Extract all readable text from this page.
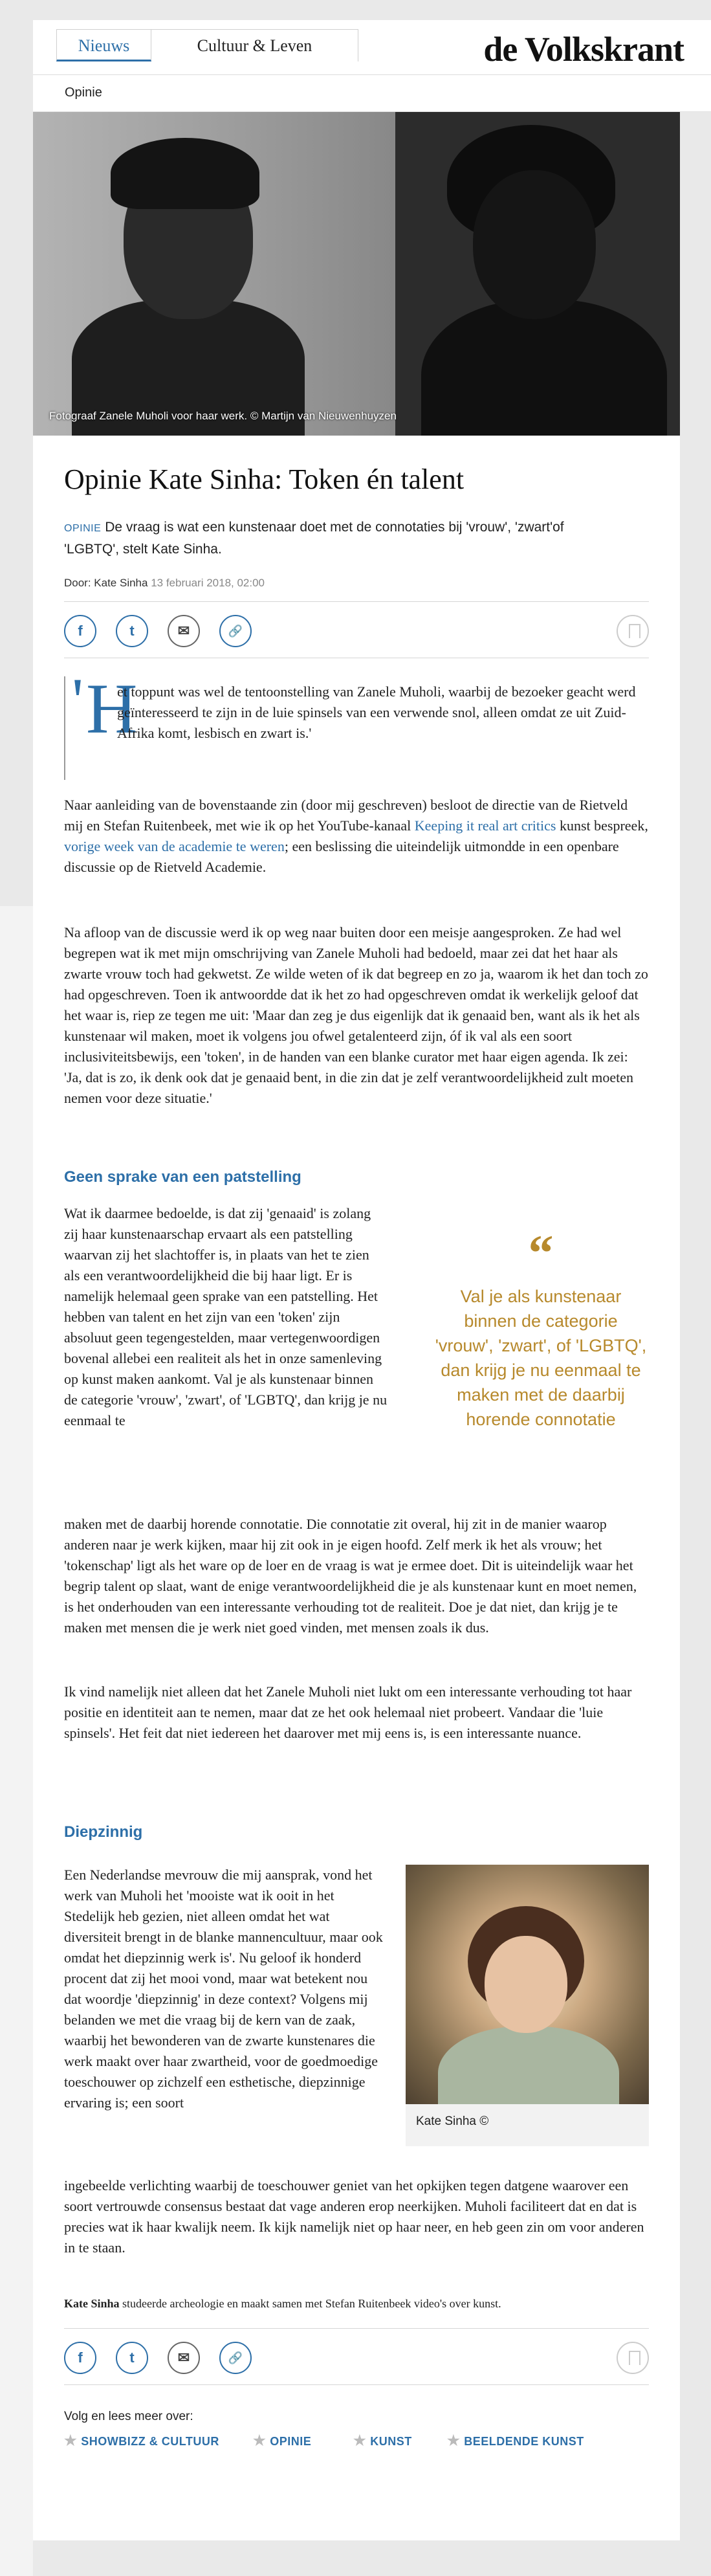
Nieuws	Cultuur & Leven	de Volkskrant
Opinie
Fotograaf Zanele Muholi voor haar werk. © Martijn van Nieuwenhuyzen
Opinie Kate Sinha: Token én talent
OPINIE De vraag is wat een kunstenaar doet met de connotaties bij 'vrouw', 'zwart'of 'LGBTQ', stelt Kate Sinha.
Door: Kate Sinha 13 februari 2018, 02:00
f	t	✉	🔗
' H
et toppunt was wel de tentoonstelling van Zanele Muholi, waarbij de bezoeker geacht werd geïnteresseerd te zijn in de luie spinsels van een verwende snol, alleen omdat ze uit Zuid-Afrika komt, lesbisch en zwart is.'
Naar aanleiding van de bovenstaande zin (door mij geschreven) besloot de directie van de Rietveld mij en Stefan Ruitenbeek, met wie ik op het YouTube-kanaal Keeping it real art critics kunst bespreek, vorige week van de academie te weren; een beslissing die uiteindelijk uitmondde in een openbare discussie op de Rietveld Academie.
Na afloop van de discussie werd ik op weg naar buiten door een meisje aangesproken. Ze had wel begrepen wat ik met mijn omschrijving van Zanele Muholi had bedoeld, maar zei dat het haar als zwarte vrouw toch had gekwetst. Ze wilde weten of ik dat begreep en zo ja, waarom ik het dan toch zo had opgeschreven. Toen ik antwoordde dat ik het zo had opgeschreven omdat ik werkelijk geloof dat het waar is, riep ze tegen me uit: 'Maar dan zeg je dus eigenlijk dat ik genaaid ben, want als ik het als kunstenaar wil maken, moet ik volgens jou ofwel getalenteerd zijn, óf ik val als een soort inclusiviteitsbewijs, een 'token', in de handen van een blanke curator met haar eigen agenda. Ik zei: 'Ja, dat is zo, ik denk ook dat je genaaid bent, in die zin dat je zelf verantwoordelijkheid zult moeten nemen voor deze situatie.'
Geen sprake van een patstelling
Wat ik daarmee bedoelde, is dat zij 'genaaid' is zolang zij haar kunstenaarschap ervaart als een patstelling waarvan zij het slachtoffer is, in plaats van het te zien als een verantwoordelijkheid die bij haar ligt. Er is namelijk helemaal geen sprake van een patstelling. Het hebben van talent en het zijn van een 'token' zijn absoluut geen tegengestelden, maar vertegenwoordigen bovenal allebei een realiteit als het in onze samenleving op kunst maken aankomt. Val je als kunstenaar binnen de categorie 'vrouw', 'zwart', of 'LGBTQ', dan krijg je nu eenmaal te
maken met de daarbij horende connotatie. Die connotatie zit overal, hij zit in de manier waarop anderen naar je werk kijken, maar hij zit ook in je eigen hoofd. Zelf merk ik het als vrouw; het 'tokenschap' ligt als het ware op de loer en de vraag is wat je ermee doet. Dit is uiteindelijk waar het begrip talent op slaat, want de enige verantwoordelijkheid die je als kunstenaar kunt en moet nemen, is het onderhouden van een interessante verhouding tot de realiteit. Doe je dat niet, dan krijg je te maken met mensen die je werk niet goed vinden, met mensen zoals ik dus.
“
Val je als kunstenaar binnen de categorie 'vrouw', 'zwart', of 'LGBTQ', dan krijg je nu eenmaal te maken met de daarbij horende connotatie
Ik vind namelijk niet alleen dat het Zanele Muholi niet lukt om een interessante verhouding tot haar positie en identiteit aan te nemen, maar dat ze het ook helemaal niet probeert. Vandaar die 'luie spinsels'. Het feit dat niet iedereen het daarover met mij eens is, is een interessante nuance.
Diepzinnig
Een Nederlandse mevrouw die mij aansprak, vond het werk van Muholi het 'mooiste wat ik ooit in het Stedelijk heb gezien, niet alleen omdat het wat diversiteit brengt in de blanke mannencultuur, maar ook omdat het diepzinnig werk is'. Nu geloof ik honderd procent dat zij het mooi vond, maar wat betekent nou dat woordje 'diepzinnig' in deze context? Volgens mij belanden we met die vraag bij de kern van de zaak, waarbij het bewonderen van de zwarte kunstenares die werk maakt over haar zwartheid, voor de goedmoedige toeschouwer op zichzelf een esthetische, diepzinnige ervaring is; een soort
ingebeelde verlichting waarbij de toeschouwer geniet van het opkijken tegen datgene waarover een soort vertrouwde consensus bestaat dat vage anderen erop neerkijken. Muholi faciliteert dat en dat is precies wat ik haar kwalijk neem. Ik kijk namelijk niet op haar neer, en heb geen zin om voor anderen in te staan.
Kate Sinha ©
Kate Sinha studeerde archeologie en maakt samen met Stefan Ruitenbeek video's over kunst.
f	t	✉	🔗
Volg en lees meer over:
★ SHOWBIZZ & CULTUUR ★ OPINIE	★ KUNST ★ BEELDENDE KUNST
